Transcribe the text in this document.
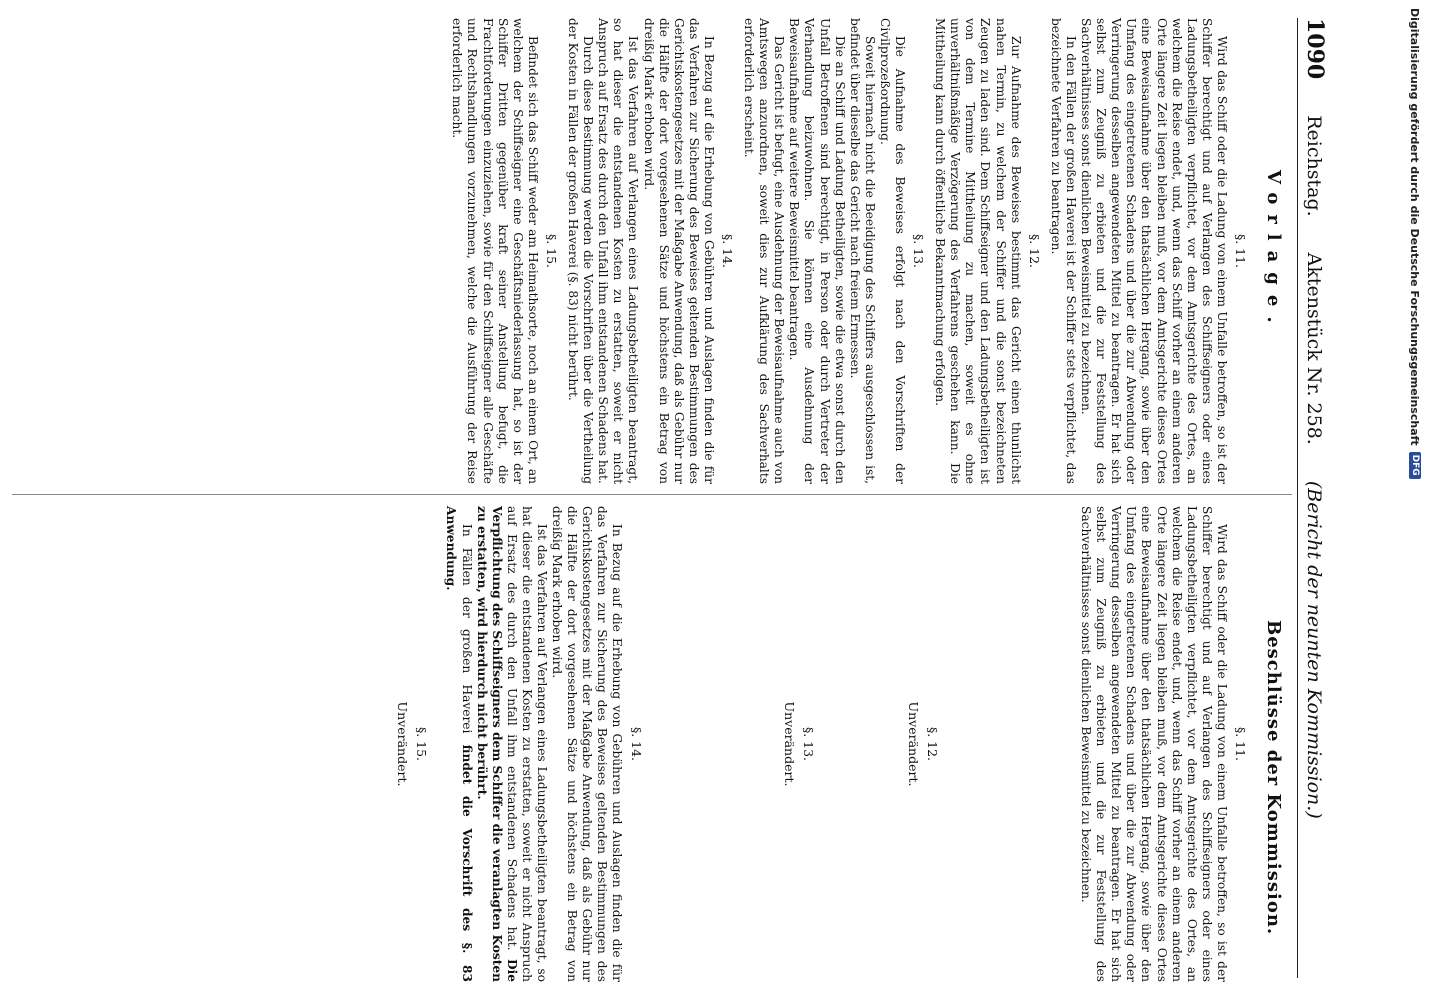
1090
Reichstag.
Aktenstück Nr. 258.
(Bericht der neunten Kommission.)
Vorlage.
Beschlüsse der Kommission.
§. 11.

Wird das Schiff oder die Ladung von einem Unfalle betroffen, so ist der Schiffer berechtigt und auf Verlangen des Schiffseigners oder eines Ladungsbetheiligten verpflichtet, vor dem Amtsgerichte des Ortes, an welchem die Reise endet, und, wenn das Schiff vorher an einem anderen Orte längere Zeit liegen bleiben muß, vor dem Amtsgerichte dieses Ortes eine Beweisaufnahme über den thatsächlichen Hergang, sowie über den Umfang des eingetretenen Schadens und über die zur Abwendung oder Verringerung desselben angewendeten Mittel zu beantragen. Er hat sich selbst zum Zeugniß zu erbieten und die zur Feststellung des Sachverhältnisses sonst dienlichen Beweismittel zu bezeichnen.

In den Fällen der großen Haverei ist der Schiffer stets verpflichtet, das bezeichnete Verfahren zu beantragen.

§. 12.

Zur Aufnahme des Beweises bestimmt das Gericht einen thunlichst nahen Termin, zu welchem der Schiffer und die sonst bezeichneten Zeugen zu laden sind. Dem Schiffseigner und den Ladungsbetheiligten ist von dem Termine Mittheilung zu machen, soweit es ohne unverhältnißmäßige Verzögerung des Verfahrens geschehen kann. Die Mittheilung kann durch öffentliche Bekanntmachung erfolgen.

§. 13.

Die Aufnahme des Beweises erfolgt nach den Vorschriften der Civilprozeßordnung.

Soweit hiernach nicht die Beeidigung des Schiffers ausgeschlossen ist, befindet über dieselbe das Gericht nach freiem Ermessen.

Die an Schiff und Ladung Betheiligten, sowie die etwa sonst durch den Unfall Betroffenen sind berechtigt, in Person oder durch Vertreter der Verhandlung beizuwohnen. Sie können eine Ausdehnung der Beweisaufnahme auf weitere Beweismittel beantragen.

Das Gericht ist befugt, eine Ausdehnung der Beweisaufnahme auch von Amtswegen anzuordnen, soweit dies zur Aufklärung des Sachverhalts erforderlich erscheint.

§. 14.

In Bezug auf die Erhebung von Gebühren und Auslagen finden die für das Verfahren zur Sicherung des Beweises geltenden Bestimmungen des Gerichtskostengesetzes mit der Maßgabe Anwendung, daß als Gebühr nur die Hälfte der dort vorgesehenen Sätze und höchstens ein Betrag von dreißig Mark erhoben wird.

Ist das Verfahren auf Verlangen eines Ladungsbetheiligten beantragt, so hat dieser die entstandenen Kosten zu erstatten, soweit er nicht Anspruch auf Ersatz des durch den Unfall ihm entstandenen Schadens hat.

Durch diese Bestimmung werden die Vorschriften über die Vertheilung der Kosten in Fällen der großen Haverei (§. 83) nicht berührt.

§. 15.

Befindet sich das Schiff weder am Heimathsorte, noch an einem Ort, an welchem der Schiffseigner eine Geschäftsniederlassung hat, so ist der Schiffer Dritten gegenüber kraft seiner Anstellung befugt, die Frachtforderungen einzuziehen, sowie für den Schiffseigner alle Geschäfte und Rechtshandlungen vorzunehmen, welche die Ausführung der Reise erforderlich macht.

§. 11.

Wird das Schiff oder die Ladung von einem Unfalle betroffen, so ist der Schiffer berechtigt und auf Verlangen des Schiffseigners oder eines Ladungsbetheiligten verpflichtet, vor dem Amtsgerichte des Ortes, an welchem die Reise endet, und, wenn das Schiff vorher an einem anderen Orte längere Zeit liegen bleiben muß, vor dem Amtsgerichte dieses Ortes eine Beweisaufnahme über den thatsächlichen Hergang, sowie über den Umfang des eingetretenen Schadens und über die zur Abwendung oder Verringerung desselben angewendeten Mittel zu beantragen. Er hat sich selbst zum Zeugniß zu erbieten und die zur Feststellung des Sachverhältnisses sonst dienlichen Beweismittel zu bezeichnen.

§. 12.
Unverändert.
§. 13.
Unverändert.
§. 14.

In Bezug auf die Erhebung von Gebühren und Auslagen finden die für das Verfahren zur Sicherung des Beweises geltenden Bestimmungen des Gerichtskostengesetzes mit der Maßgabe Anwendung, daß als Gebühr nur die Hälfte der dort vorgesehenen Sätze und höchstens ein Betrag von dreißig Mark erhoben wird.

Ist das Verfahren auf Verlangen eines Ladungsbetheiligten beantragt, so hat dieser die entstandenen Kosten zu erstatten, soweit er nicht Anspruch auf Ersatz des durch den Unfall ihm entstandenen Schadens hat. Die Verpflichtung des Schiffseigners dem Schiffer die veranlagten Kosten zu erstatten, wird hierdurch nicht berührt.

In Fällen der großen Haverei findet die Vorschrift des §. 83 Anwendung.

§. 15.
Unverändert.
Digitalisierung gefördert durch die Deutsche Forschungsgemeinschaft
DFG
